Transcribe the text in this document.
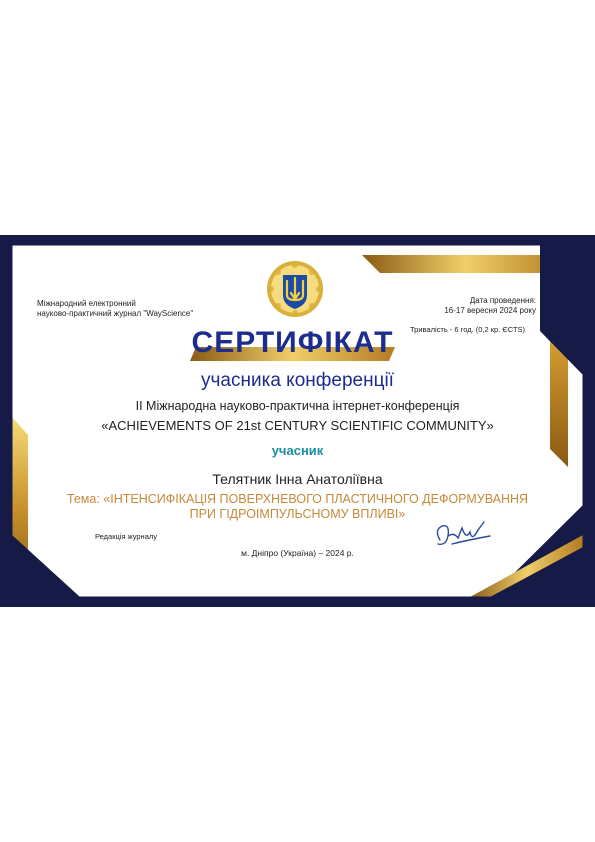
Міжнародний електронний
науково-практичний журнал "WayScience"
Дата проведення:
16-17 вересня 2024 року
Тривалість - 6 год. (0,2 кр. ЄСТS)
СЕРТИФІКАТ
учасника конференції
ІІ Міжнародна науково-практична інтернет-конференція
«ACHIEVEMENTS OF 21st CENTURY SCIENTIFIC COMMUNITY»
учасник
Телятник Інна Анатоліївна
Тема: «ІНТЕНСИФІКАЦІЯ ПОВЕРХНЕВОГО ПЛАСТИЧНОГО ДЕФОРМУВАННЯ
ПРИ ГІДРОІМПУЛЬСНОМУ ВПЛИВІ»
Редакція журналу
м. Дніпро (Україна) – 2024 р.
